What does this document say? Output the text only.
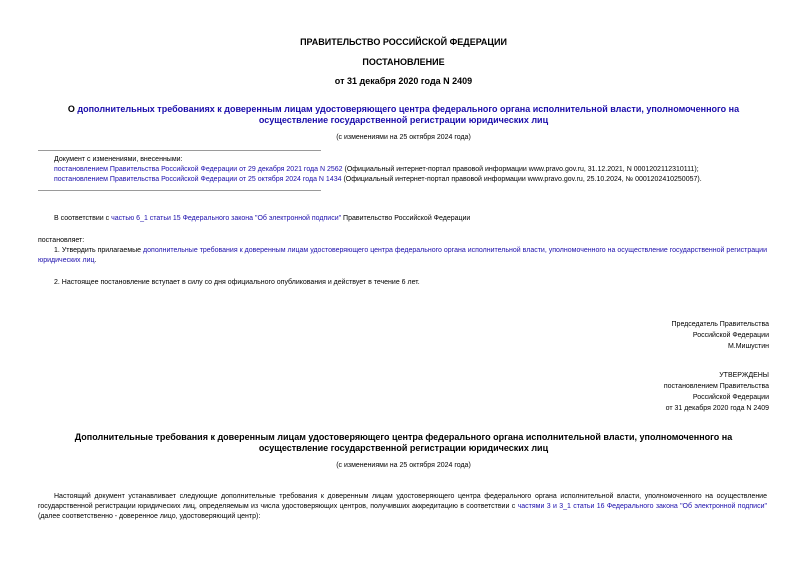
ПРАВИТЕЛЬСТВО РОССИЙСКОЙ ФЕДЕРАЦИИ
ПОСТАНОВЛЕНИЕ
от 31 декабря 2020 года N 2409
О дополнительных требованиях к доверенным лицам удостоверяющего центра федерального органа исполнительной власти, уполномоченного на осуществление государственной регистрации юридических лиц
(с изменениями на 25 октября 2024 года)
Документ с изменениями, внесенными:
постановлением Правительства Российской Федерации от 29 декабря 2021 года N 2562 (Официальный интернет-портал правовой информации www.pravo.gov.ru, 31.12.2021, N 0001202112310111);
постановлением Правительства Российской Федерации от 25 октября 2024 года N 1434 (Официальный интернет-портал правовой информации www.pravo.gov.ru, 25.10.2024, № 0001202410250057).
В соответствии с частью 6_1 статьи 15 Федерального закона "Об электронной подписи" Правительство Российской Федерации
постановляет:
1. Утвердить прилагаемые дополнительные требования к доверенным лицам удостоверяющего центра федерального органа исполнительной власти, уполномоченного на осуществление государственной регистрации юридических лиц.
2. Настоящее постановление вступает в силу со дня официального опубликования и действует в течение 6 лет.
Председатель Правительства
Российской Федерации
М.Мишустин
УТВЕРЖДЕНЫ
постановлением Правительства
Российской Федерации
от 31 декабря 2020 года N 2409
Дополнительные требования к доверенным лицам удостоверяющего центра федерального органа исполнительной власти, уполномоченного на осуществление государственной регистрации юридических лиц
(с изменениями на 25 октября 2024 года)
Настоящий документ устанавливает следующие дополнительные требования к доверенным лицам удостоверяющего центра федерального органа исполнительной власти, уполномоченного на осуществление государственной регистрации юридических лиц, определяемым из числа удостоверяющих центров, получивших аккредитацию в соответствии с частями 3 и 3_1 статьи 16 Федерального закона "Об электронной подписи" (далее соответственно - доверенное лицо, удостоверяющий центр):
